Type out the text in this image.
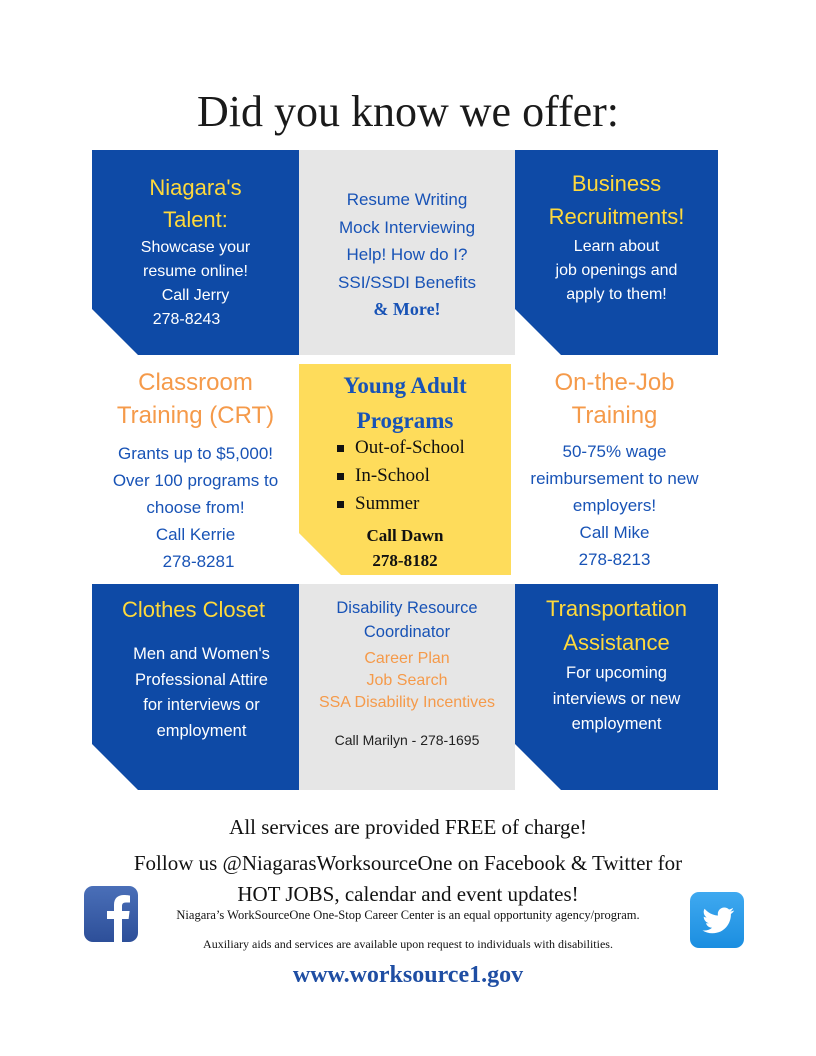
Did you know we offer:
Niagara's
Talent:
Showcase your
resume online!
Call Jerry
278-8243
Resume Writing
Mock Interviewing
Help! How do I?
SSI/SSDI Benefits
& More!
Business
Recruitments!
Learn about
job openings and
apply to them!
Classroom
Training (CRT)
Grants up to $5,000!
Over 100 programs to
choose from!
Call Kerrie
278-8281
Young Adult
Programs
Out-of-School
In-School
Summer
Call Dawn
278-8182
On-the-Job
Training
50-75% wage
reimbursement to new
employers!
Call Mike
278-8213
Clothes Closet
Men and Women's
Professional Attire
for interviews or
employment
Disability Resource
Coordinator
Career Plan
Job Search
SSA Disability Incentives
Call Marilyn - 278-1695
Transportation
Assistance
For upcoming
interviews or new
employment
All services are provided FREE of charge!
Follow us @NiagarasWorksourceOne on Facebook & Twitter for
HOT JOBS, calendar and event updates!
Niagara’s WorkSourceOne One-Stop Career Center is an equal opportunity agency/program.
Auxiliary aids and services are available upon request to individuals with disabilities.
www.worksource1.gov
